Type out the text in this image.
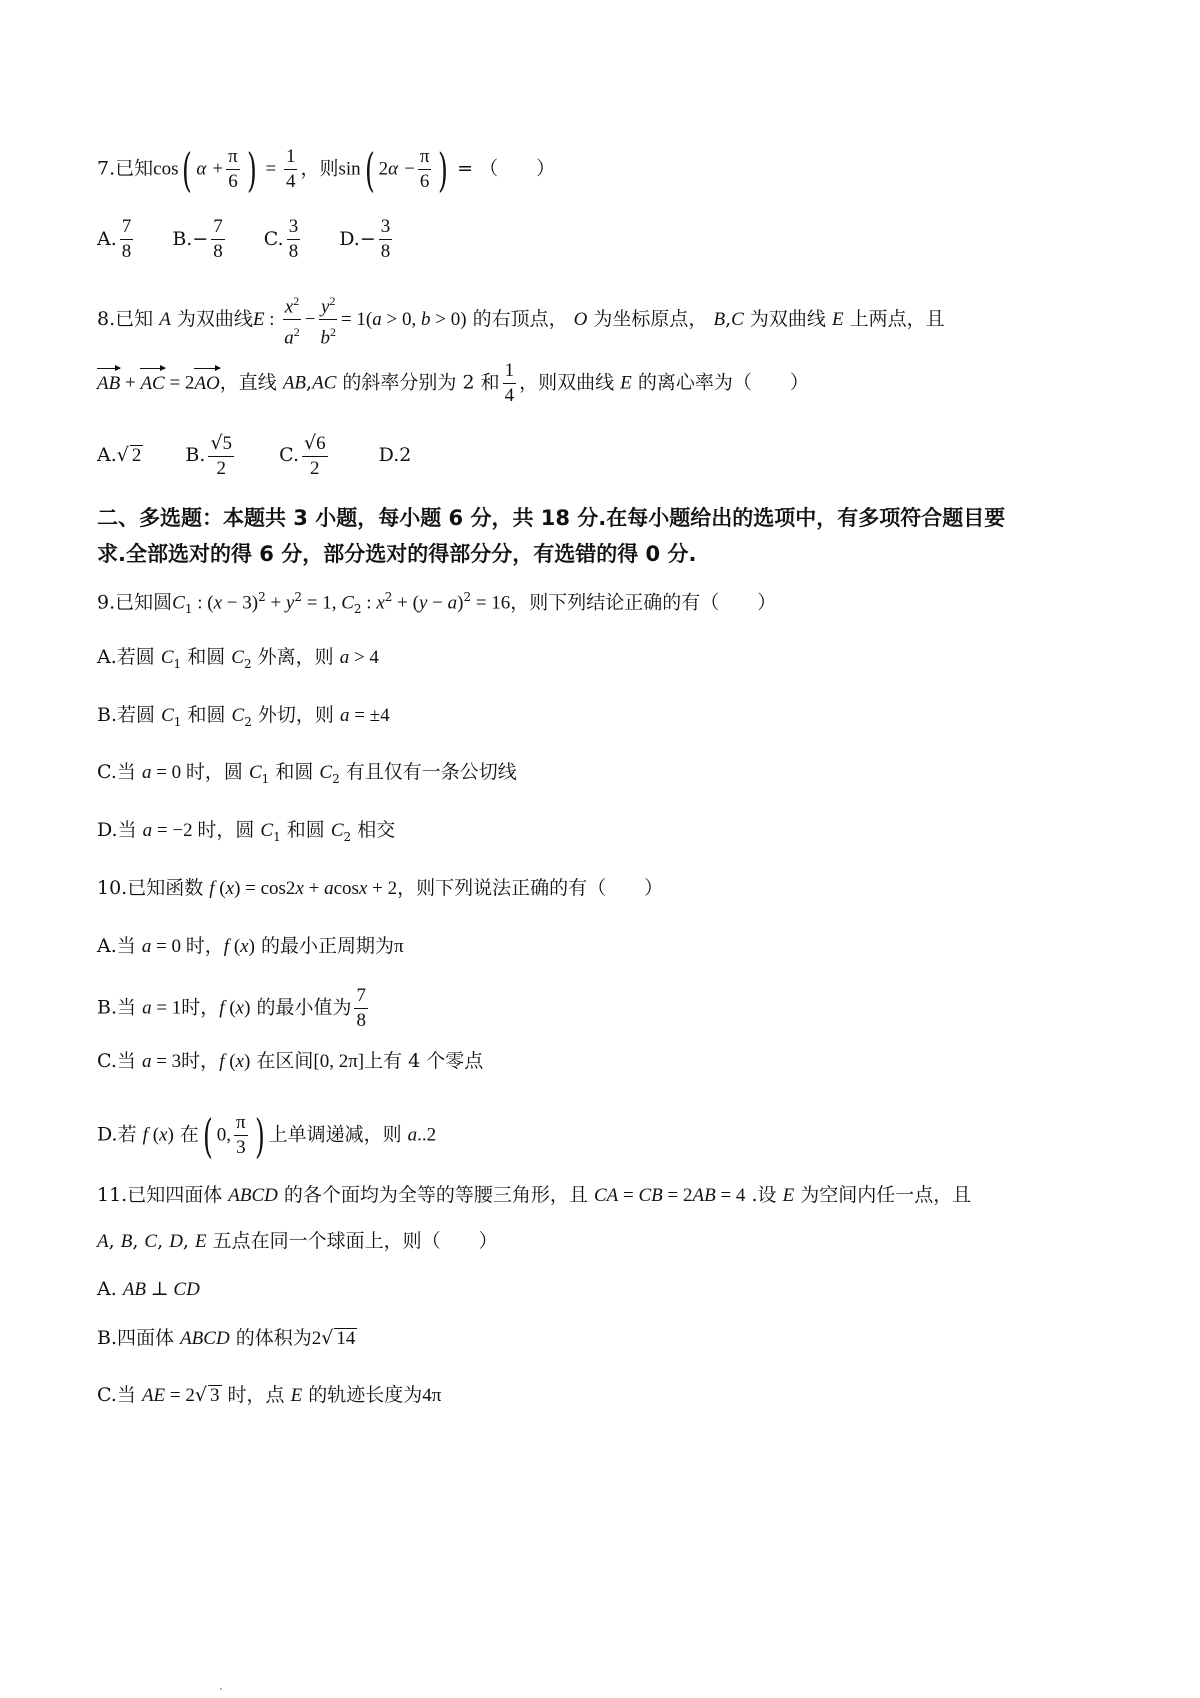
7.已知cos( $\alpha + \frac{\pi}{6}$ ) = $\frac{1}{4}$ ，则sin( $2\alpha - \frac{\pi}{6}$ ) = （　　）
A. $\frac{7}{8} B.- \frac{7}{8} C$. $\frac{3}{8} D.- \frac{3}{8}$
8.已知 A 为双曲线E : $\frac{x^2}{a^2} - \frac{y^2}{b^2} = 1(a > 0$, b > 0) 的右顶点， O 为坐标原点， B,C 为双曲线 E 上两点，且
AB + AC = 2AO，直线 AB,AC 的斜率分别为 2 和 $\frac{1}{4}$ ，则双曲线 E 的离心率为（　　）
A.√ 2 B. $\frac{√5}{2} C$. $\frac{√6}{2}$	D.2
二、多选题：本题共 3 小题，每小题 6 分，共 18 分.在每小题给出的选项中，有多项符合题目要
求.全部选对的得 6 分，部分选对的得部分分，有选错的得 0 分.
9.已知圆$C_1$ : $(x - 3)^2 + y^2 = 1$, $C_2$ : $x^2 + (y - a)^2 = 16$，则下列结论正确的有（　　）
A.若圆 $C_1$ 和圆 $C_2$ 外离，则 a > 4
B.若圆 $C_1$ 和圆 $C_2$ 外切，则 a = ±4
C.当 a = 0 时，圆 $C_1$ 和圆 $C_2$ 有且仅有一条公切线
D.当 a = −2 时，圆 $C_1$ 和圆 $C_2$ 相交
10.已知函数 f (x) = cos2x + acosx + 2，则下列说法正确的有（　　）
A.当 a = 0 时，f (x) 的最小正周期为π
B.当 a = 1时，f (x) 的最小值为 $\frac{7}{8}$
C.当 a = 3时，f (x) 在区间[0, 2π]上有 4 个零点
D.若 f (x) 在( 0, $\frac{\pi}{3}$ ) 上单调递减，则 a..2
11.已知四面体 ABCD 的各个面均为全等的等腰三角形，且 CA = CB = 2AB = 4 .设 E 为空间内任一点，且
A, B, C, D, E 五点在同一个球面上，则（　　）
A. AB ⊥ CD
B.四面体 ABCD 的体积为2√ 14
C.当 AE = 2√ 3 时，点 E 的轨迹长度为4π
